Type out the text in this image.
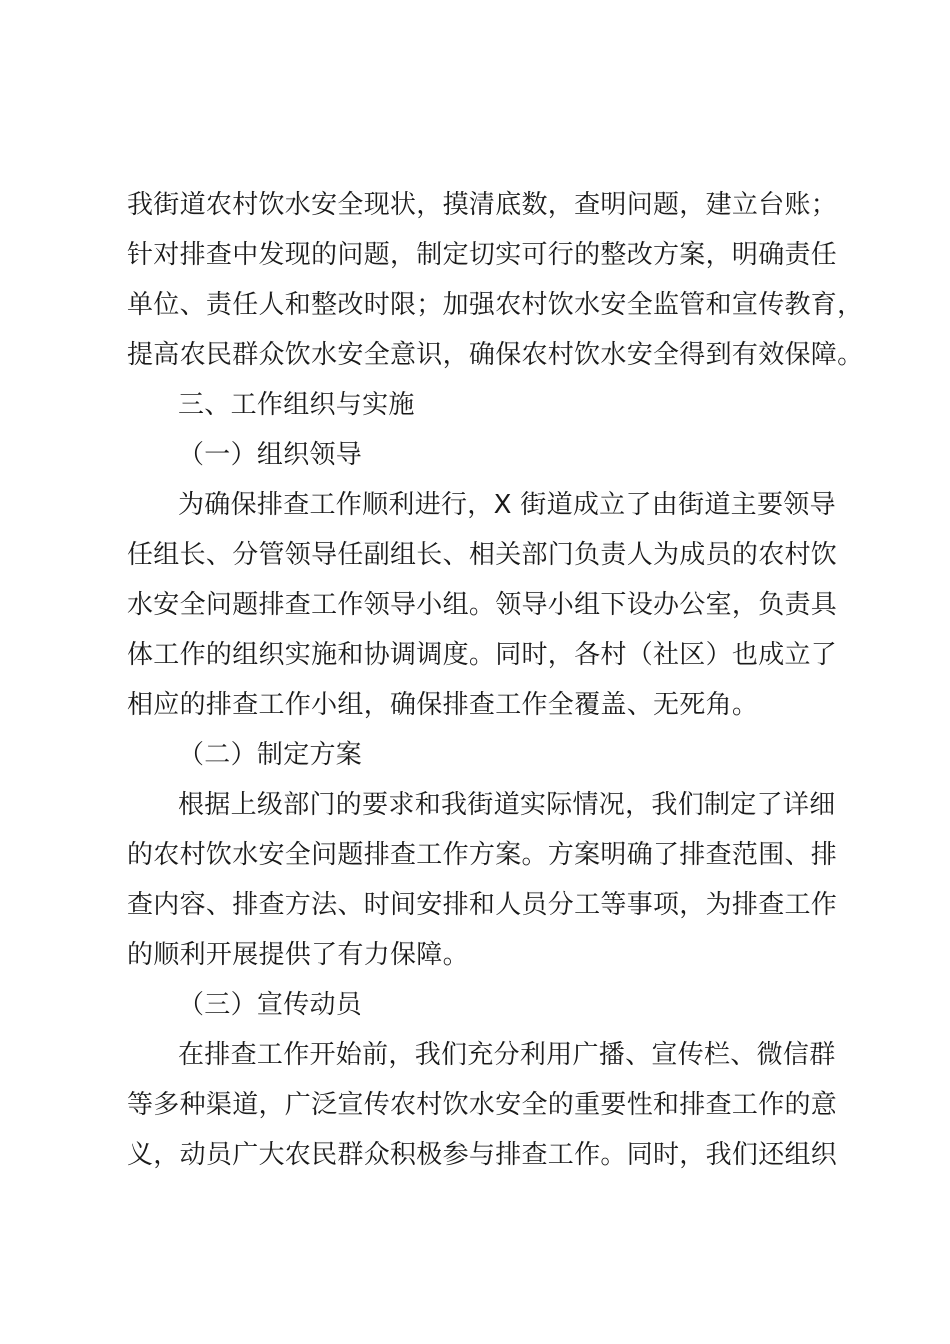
我街道农村饮水安全现状，摸清底数，查明问题，建立台账；
针对排查中发现的问题，制定切实可行的整改方案，明确责任
单位、责任人和整改时限；加强农村饮水安全监管和宣传教育，
提高农民群众饮水安全意识，确保农村饮水安全得到有效保障。
三、工作组织与实施
（一）组织领导
为确保排查工作顺利进行，X 街道成立了由街道主要领导
任组长、分管领导任副组长、相关部门负责人为成员的农村饮
水安全问题排查工作领导小组。领导小组下设办公室，负责具
体工作的组织实施和协调调度。同时，各村（社区）也成立了
相应的排查工作小组，确保排查工作全覆盖、无死角。
（二）制定方案
根据上级部门的要求和我街道实际情况，我们制定了详细
的农村饮水安全问题排查工作方案。方案明确了排查范围、排
查内容、排查方法、时间安排和人员分工等事项，为排查工作
的顺利开展提供了有力保障。
（三）宣传动员
在排查工作开始前，我们充分利用广播、宣传栏、微信群
等多种渠道，广泛宣传农村饮水安全的重要性和排查工作的意
义，动员广大农民群众积极参与排查工作。同时，我们还组织
